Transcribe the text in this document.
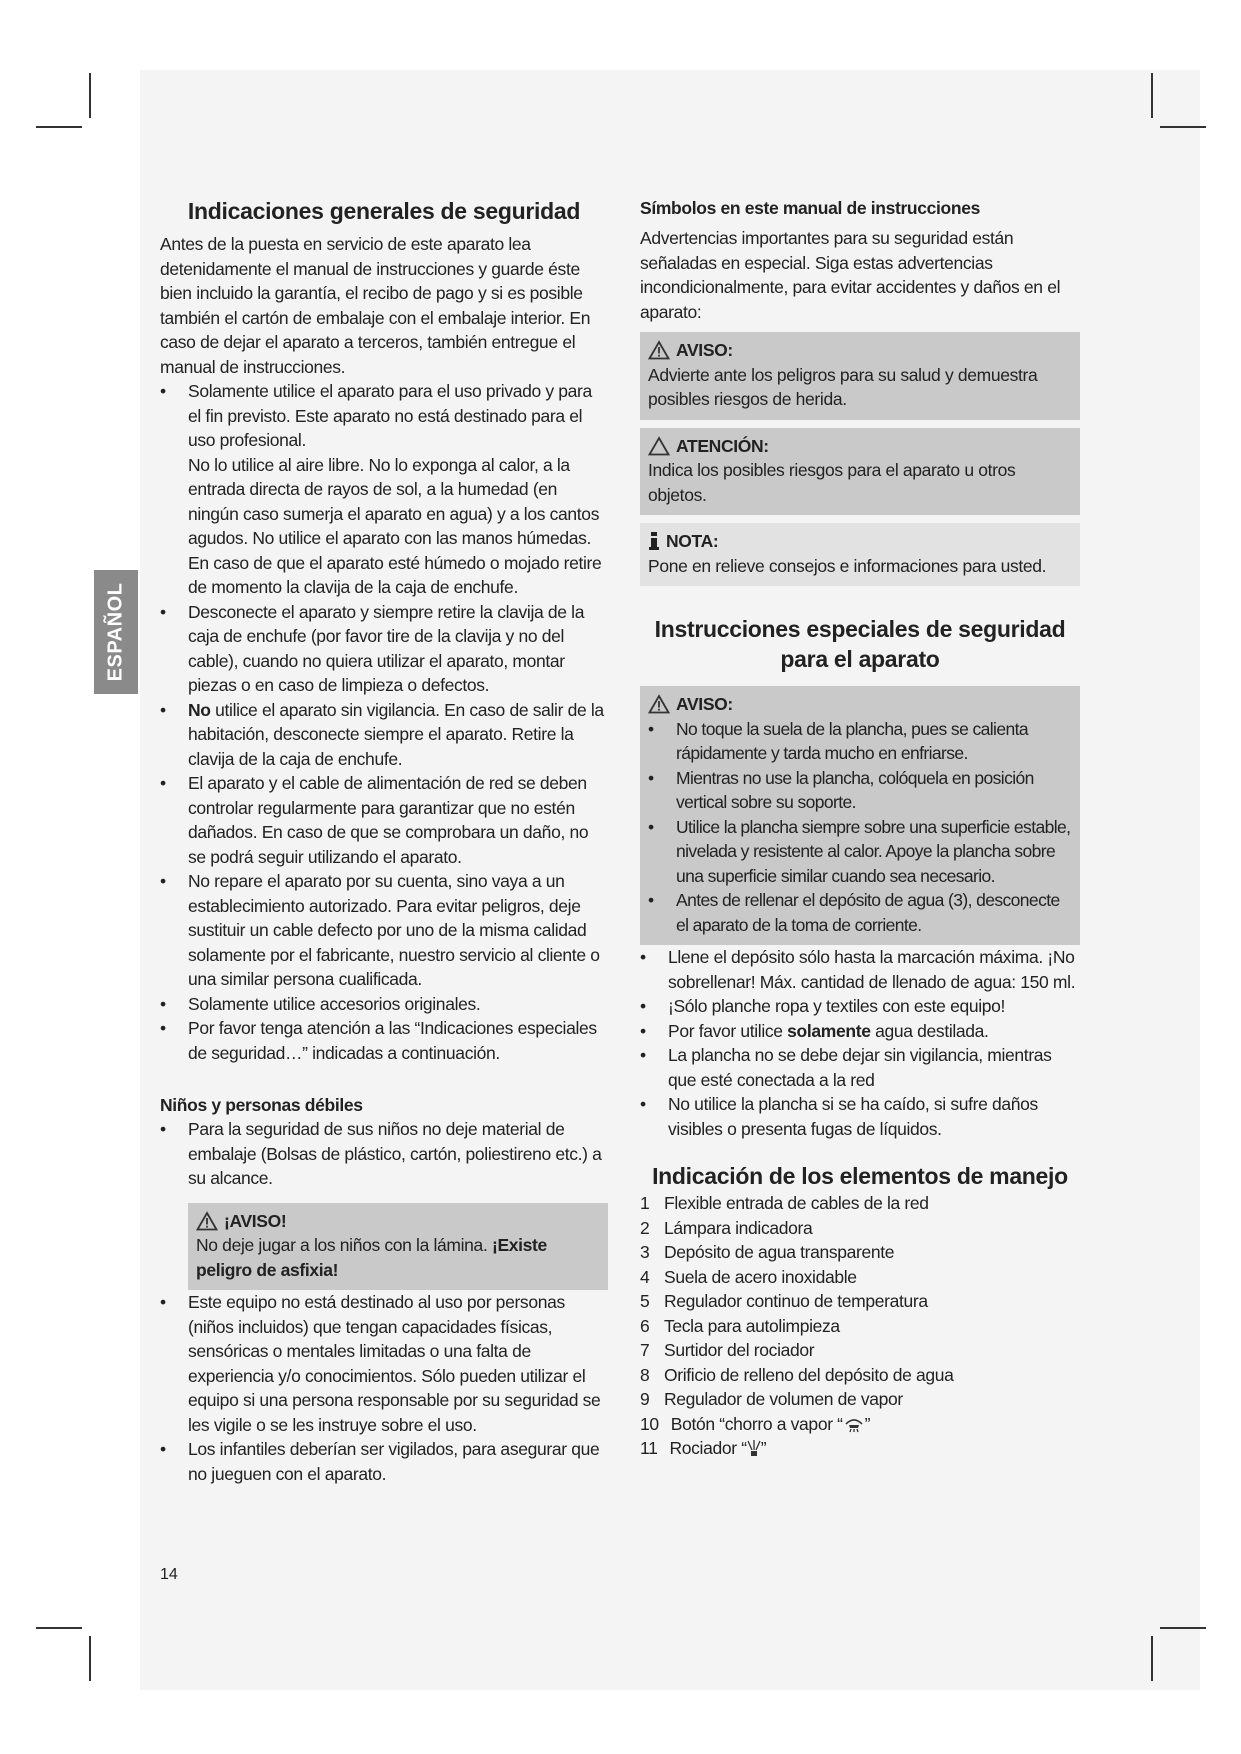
ESPAÑOL
Indicaciones generales de seguridad

Antes de la puesta en servicio de este aparato lea detenidamente el manual de instrucciones y guarde éste bien incluido la garantía, el recibo de pago y si es posible también el cartón de embalaje con el embalaje interior. En caso de dejar el aparato a terceros, también entregue el manual de instrucciones.

• Solamente utilice el aparato para el uso privado y para el fin previsto. Este aparato no está destinado para el uso profesional.
No lo utilice al aire libre. No lo exponga al calor, a la entrada directa de rayos de sol, a la humedad (en ningún caso sumerja el aparato en agua) y a los cantos agudos. No utilice el aparato con las manos húmedas. En caso de que el aparato esté húmedo o mojado retire de momento la clavija de la caja de enchufe.
• Desconecte el aparato y siempre retire la clavija de la caja de enchufe (por favor tire de la clavija y no del cable), cuando no quiera utilizar el aparato, montar piezas o en caso de limpieza o defectos.
• No utilice el aparato sin vigilancia. En caso de salir de la habitación, desconecte siempre el aparato. Retire la clavija de la caja de enchufe.
• El aparato y el cable de alimentación de red se deben controlar regularmente para garantizar que no estén dañados. En caso de que se comprobara un daño, no se podrá seguir utilizando el aparato.
• No repare el aparato por su cuenta, sino vaya a un establecimiento autorizado. Para evitar peligros, deje sustituir un cable defecto por uno de la misma calidad solamente por el fabricante, nuestro servicio al cliente o una similar persona cualificada.
• Solamente utilice accesorios originales.
• Por favor tenga atención a las “Indicaciones especiales de seguridad…” indicadas a continuación.
Niños y personas débiles
• Para la seguridad de sus niños no deje material de embalaje (Bolsas de plástico, cartón, poliestireno etc.) a su alcance.
¡AVISO!
No deje jugar a los niños con la lámina. ¡Existe peligro de asfixia!
• Este equipo no está destinado al uso por personas (niños incluidos) que tengan capacidades físicas, sensóricas o mentales limitadas o una falta de experiencia y/o conocimientos. Sólo pueden utilizar el equipo si una persona responsable por su seguridad se les vigile o se les instruye sobre el uso.
• Los infantiles deberían ser vigilados, para asegurar que no jueguen con el aparato.
Símbolos en este manual de instrucciones

Advertencias importantes para su seguridad están señaladas en especial. Siga estas advertencias incondicionalmente, para evitar accidentes y daños en el aparato:

AVISO:
Advierte ante los peligros para su salud y demuestra posibles riesgos de herida.
ATENCIÓN:
Indica los posibles riesgos para el aparato u otros objetos.
NOTA:
Pone en relieve consejos e informaciones para usted.
Instrucciones especiales de seguridad
para el aparato
AVISO:
• No toque la suela de la plancha, pues se calienta rápidamente y tarda mucho en enfriarse.
• Mientras no use la plancha, colóquela en posición vertical sobre su soporte.
• Utilice la plancha siempre sobre una superficie estable, nivelada y resistente al calor. Apoye la plancha sobre una superficie similar cuando sea necesario.
• Antes de rellenar el depósito de agua (3), desconecte el aparato de la toma de corriente.
• Llene el depósito sólo hasta la marcación máxima. ¡No sobrellenar! Máx. cantidad de llenado de agua: 150 ml.
• ¡Sólo planche ropa y textiles con este equipo!
• Por favor utilice solamente agua destilada.
• La plancha no se debe dejar sin vigilancia, mientras que esté conectada a la red
• No utilice la plancha si se ha caído, si sufre daños visibles o presenta fugas de líquidos.
Indicación de los elementos de manejo
1 Flexible entrada de cables de la red
2 Lámpara indicadora
3 Depósito de agua transparente
4 Suela de acero inoxidable
5 Regulador continuo de temperatura
6 Tecla para autolimpieza
7 Surtidor del rociador
8 Orificio de relleno del depósito de agua
9 Regulador de volumen de vapor
10 Botón “chorro a vapor “ ”
11 Rociador “ ”
14
